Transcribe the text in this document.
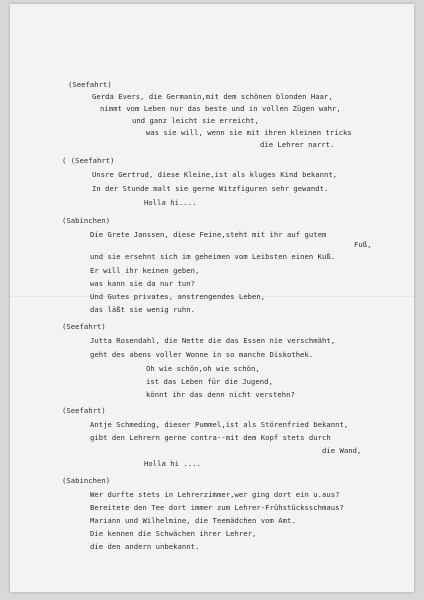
(Seefahrt)
Gerda Evers, die Germanin,mit dem schönen blonden Haar,
nimmt vom Leben nur das beste und in vollen Zügen wahr,
und ganz leicht sie erreicht,
was sie will, wenn sie mit ihren kleinen tricks
die Lehrer narrt.
( (Seefahrt)
Unsre Gertrud, diese Kleine,ist als kluges Kind bekannt,
In der Stunde malt sie gerne Witzfiguren sehr gewandt.
Holla hi....
(Sabinchen)
Die Grete Janssen, diese Feine,steht mit ihr auf gutem
Fuß,
und sie ersehnt sich im geheimen vom Leibsten einen Kuß.
Er will ihr keinen geben,
was kann sie da nur tun?
Und Gutes privates, anstrengendes Leben,
das läßt sie wenig ruhn.
(Seefahrt)
Jutta Rosendahl, die Nette die das Essen nie verschmäht,
geht des abens voller Wonne in so manche Diskothek.
Oh wie schön,oh wie schön,
ist das Leben für die Jugend,
könnt ihr das denn nicht verstehn?
(Seefahrt)
Antje Schmeding, dieser Pummel,ist als Störenfried bekannt,
gibt den Lehrern gerne contra--mit dem Kopf stets durch
die Wand,
Holla hi ....
(Sabinchen)
Wer durfte stets in Lehrerzimmer,wer ging dort ein u.aus?
Bereitete den Tee dort immer zum Lehrer-Frühstücksschmaus?
Mariann und Wilhelmine, die Teemädchen vom Amt.
Die kennen die Schwächen ihrer Lehrer,
die den andern unbekannt.
